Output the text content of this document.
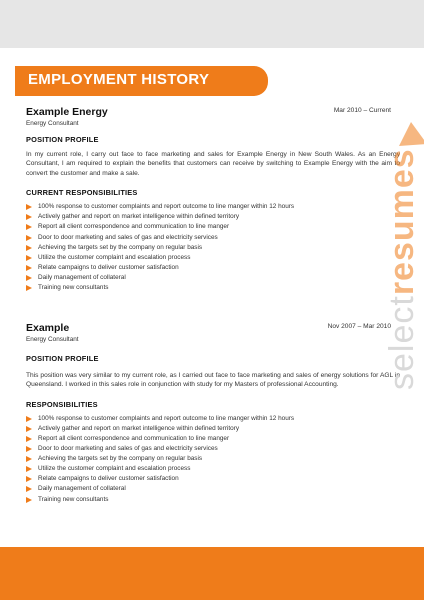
EMPLOYMENT HISTORY
Example Energy	Mar 2010 – Current
Energy Consultant
POSITION PROFILE
In my current role, I carry out face to face marketing and sales for Example Energy in New South Wales. As an Energy Consultant, I am required to explain the benefits that customers can receive by switching to Example Energy with the aim to convert the customer and make a sale.
CURRENT RESPONSIBILITIES
100% response to customer complaints and report outcome to line manger within 12 hours
Actively gather and report on market intelligence within defined territory
Report all client correspondence and communication to line manger
Door to door marketing and sales of gas and electricity services
Achieving the targets set by the company on regular basis
Utilize the customer complaint and escalation process
Relate campaigns to deliver customer satisfaction
Daily management of collateral
Training new consultants
Example	Nov 2007 – Mar 2010
Energy Consultant
POSITION PROFILE
This position was very similar to my current role, as I carried out face to face marketing and sales of energy solutions for AGL in Queensland. I worked in this sales role in conjunction with study for my Masters of professional Accounting.
RESPONSIBILITIES
100% response to customer complaints and report outcome to line manger within 12 hours
Actively gather and report on market intelligence within defined territory
Report all client correspondence and communication to line manger
Door to door marketing and sales of gas and electricity services
Achieving the targets set by the company on regular basis
Utilize the customer complaint and escalation process
Relate campaigns to deliver customer satisfaction
Daily management of collateral
Training new consultants
selectresumes
